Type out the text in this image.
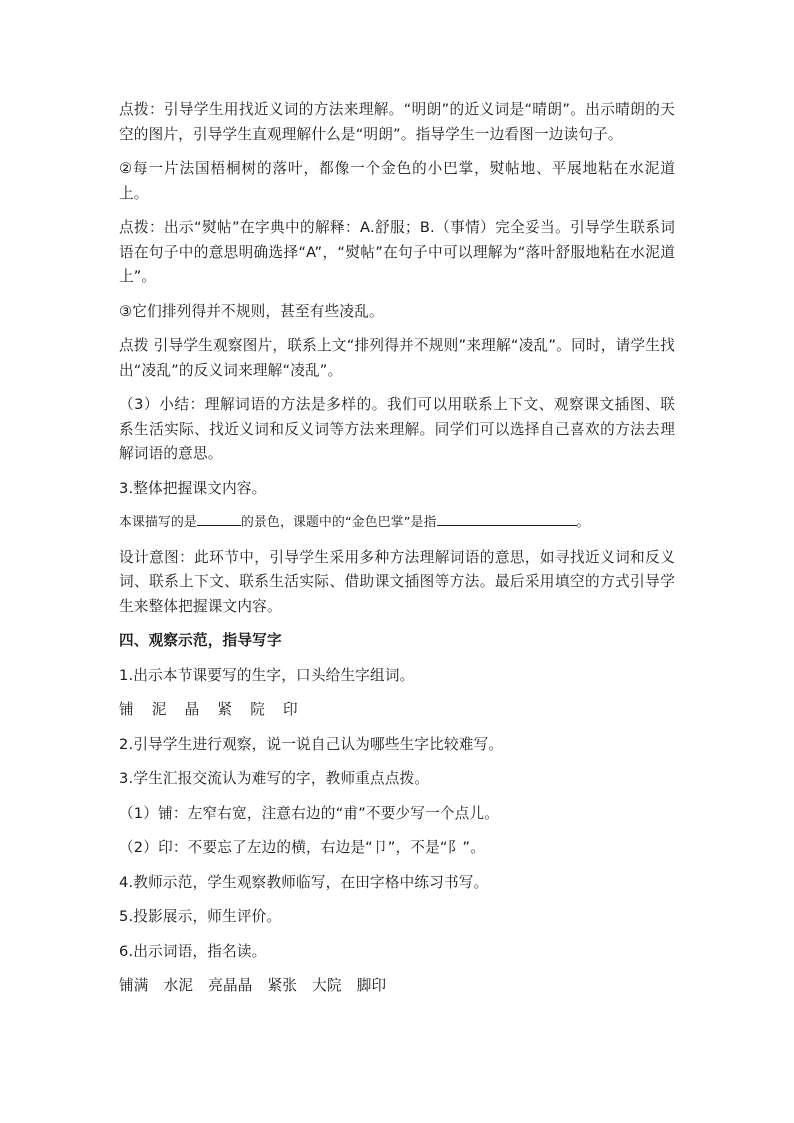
点拨：引导学生用找近义词的方法来理解。“明朗”的近义词是“晴朗”。出示晴朗的天空的图片，引导学生直观理解什么是“明朗”。指导学生一边看图一边读句子。

②每一片法国梧桐树的落叶，都像一个金色的小巴掌，熨帖地、平展地粘在水泥道上。

点拨：出示“熨帖”在字典中的解释：A.舒服；B.（事情）完全妥当。引导学生联系词语在句子中的意思明确选择“A”，“熨帖”在句子中可以理解为“落叶舒服地粘在水泥道上”。

③它们排列得并不规则，甚至有些凌乱。

点拨 引导学生观察图片，联系上文“排列得并不规则”来理解“凌乱”。同时，请学生找出“凌乱”的反义词来理解“凌乱”。

（3）小结：理解词语的方法是多样的。我们可以用联系上下文、观察课文插图、联系生活实际、找近义词和反义词等方法来理解。同学们可以选择自己喜欢的方法去理解词语的意思。

3.整体把握课文内容。

本课描写的是	的景色，课题中的“金色巴掌”是指	。

设计意图：此环节中，引导学生采用多种方法理解词语的意思，如寻找近义词和反义词、联系上下文、联系生活实际、借助课文插图等方法。最后采用填空的方式引导学生来整体把握课文内容。

四、观察示范，指导写字

1.出示本节课要写的生字，口头给生字组词。

铺 泥 晶 紧 院 印

2.引导学生进行观察，说一说自己认为哪些生字比较难写。

3.学生汇报交流认为难写的字，教师重点点拨。

（1）铺：左窄右宽，注意右边的“甫”不要少写一个点儿。

（2）印：不要忘了左边的横，右边是“卩”，不是“阝”。

4.教师示范，学生观察教师临写，在田字格中练习书写。

5.投影展示，师生评价。

6.出示词语，指名读。

铺满 水泥 亮晶晶 紧张 大院 脚印
